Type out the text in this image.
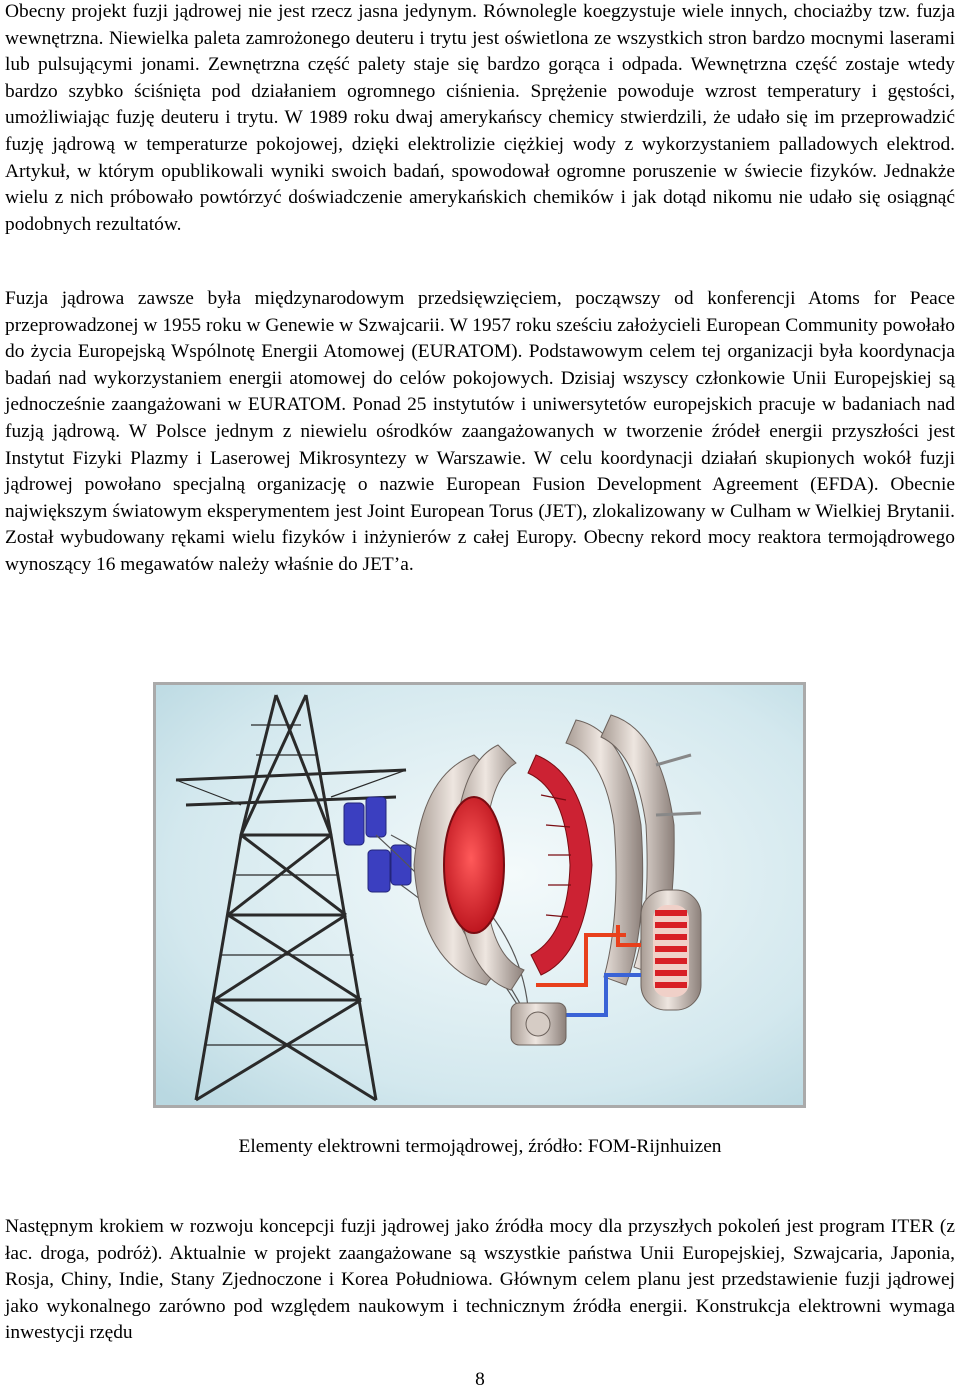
Obecny projekt fuzji jądrowej nie jest rzecz jasna jedynym. Równolegle koegzystuje wiele innych, chociażby tzw. fuzja wewnętrzna. Niewielka paleta zamrożonego deuteru i trytu jest oświetlona ze wszystkich stron bardzo mocnymi laserami lub pulsującymi jonami. Zewnętrzna część palety staje się bardzo gorąca i odpada. Wewnętrzna część zostaje wtedy bardzo szybko ściśnięta pod działaniem ogromnego ciśnienia. Sprężenie powoduje wzrost temperatury i gęstości, umożliwiając fuzję deuteru i trytu. W 1989 roku dwaj amerykańscy chemicy stwierdzili, że udało się im przeprowadzić fuzję jądrową w temperaturze pokojowej, dzięki elektrolizie ciężkiej wody z wykorzystaniem palladowych elektrod. Artykuł, w którym opublikowali wyniki swoich badań, spowodował ogromne poruszenie w świecie fizyków. Jednakże wielu z nich próbowało powtórzyć doświadczenie amerykańskich chemików i jak dotąd nikomu nie udało się osiągnąć podobnych rezultatów.

Fuzja jądrowa zawsze była międzynarodowym przedsięwzięciem, począwszy od konferencji Atoms for Peace przeprowadzonej w 1955 roku w Genewie w Szwajcarii. W 1957 roku sześciu założycieli European Community powołało do życia Europejską Wspólnotę Energii Atomowej (EURATOM). Podstawowym celem tej organizacji była koordynacja badań nad wykorzystaniem energii atomowej do celów pokojowych. Dzisiaj wszyscy członkowie Unii Europejskiej są jednocześnie zaangażowani w EURATOM. Ponad 25 instytutów i uniwersytetów europejskich pracuje w badaniach nad fuzją jądrową. W Polsce jednym z niewielu ośrodków zaangażowanych w tworzenie źródeł energii przyszłości jest Instytut Fizyki Plazmy i Laserowej Mikrosyntezy w Warszawie. W celu koordynacji działań skupionych wokół fuzji jądrowej powołano specjalną organizację o nazwie European Fusion Development Agreement (EFDA). Obecnie największym światowym eksperymentem jest Joint European Torus (JET), zlokalizowany w Culham w Wielkiej Brytanii. Został wybudowany rękami wielu fizyków i inżynierów z całej Europy. Obecny rekord mocy reaktora termojądrowego wynoszący 16 megawatów należy właśnie do JET’a.

Elementy elektrowni termojądrowej, źródło: FOM-Rijnhuizen

Następnym krokiem w rozwoju koncepcji fuzji jądrowej jako źródła mocy dla przyszłych pokoleń jest program ITER (z łac. droga, podróż). Aktualnie w projekt zaangażowane są wszystkie państwa Unii Europejskiej, Szwajcaria, Japonia, Rosja, Chiny, Indie, Stany Zjednoczone i Korea Południowa. Głównym celem planu jest przedstawienie fuzji jądrowej jako wykonalnego zarówno pod względem naukowym i technicznym źródła energii. Konstrukcja elektrowni wymaga inwestycji rzędu

8
